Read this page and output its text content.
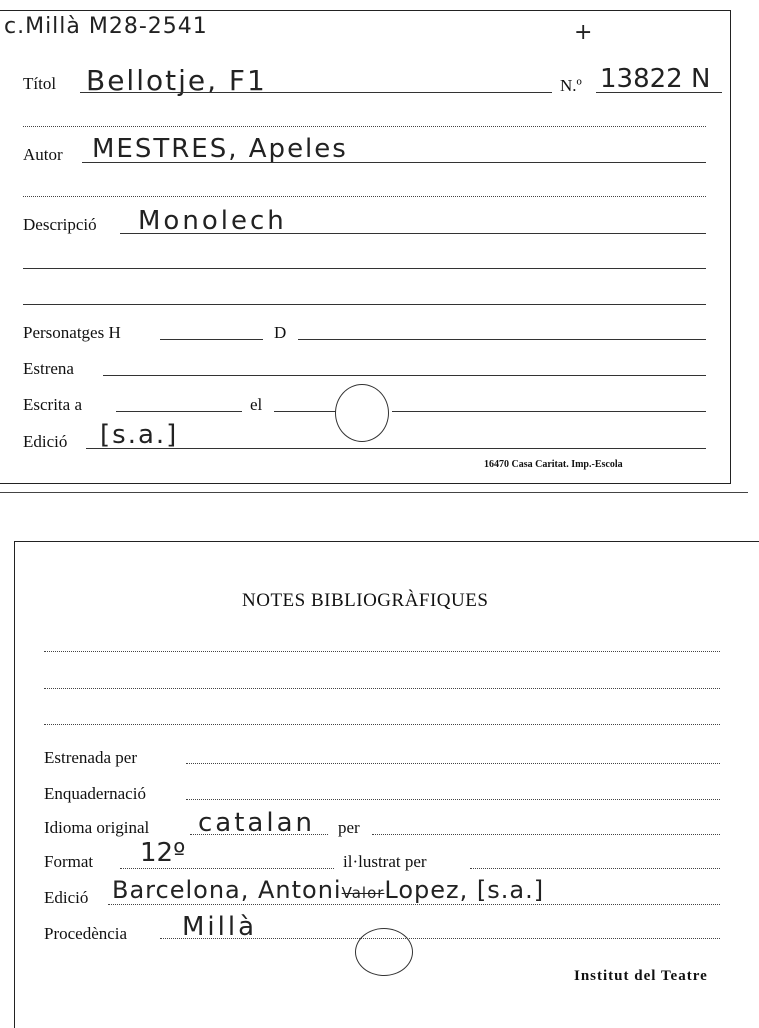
c.Millà M28-2541	+
Títol Bellotje, F1	N.º 13822 N
Autor MESTRES, Apeles
Descripció Monolech
Personatges H	D
Estrena
Escrita a	el
Edició [s.a.]
16470 Casa Caritat. Imp.-Escola
NOTES BIBLIOGRÀFIQUES
Estrenada per
Enquadernació
Idioma original catalan per
Format 12º	il·lustrat per
Edició Barcelona, AntoniValorLopez, [s.a.]
Procedència Millà
Institut del Teatre
